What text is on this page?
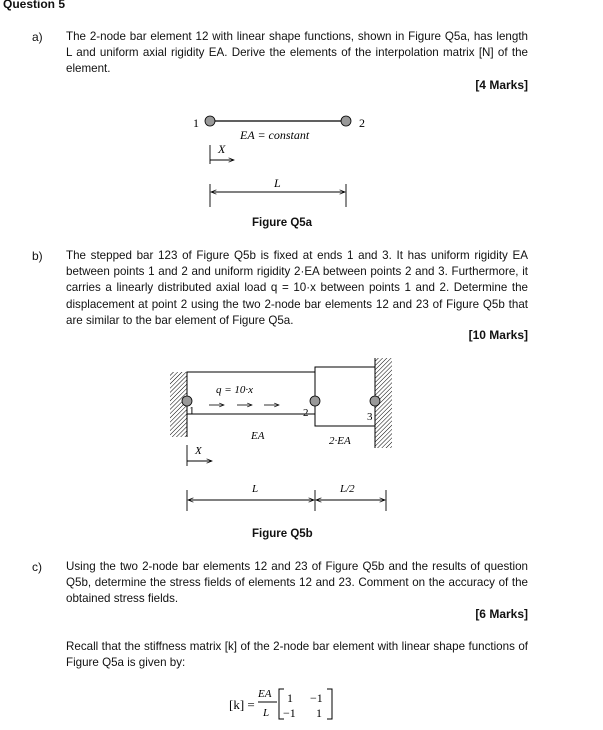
Question 5
a) The 2-node bar element 12 with linear shape functions, shown in Figure Q5a, has length L and uniform axial rigidity EA. Derive the elements of the interpolation matrix [N] of the element.
[4 Marks]
1	2
EA = constant
X
L
Figure Q5a
b) The stepped bar 123 of Figure Q5b is fixed at ends 1 and 3. It has uniform rigidity EA between points 1 and 2 and uniform rigidity 2·EA between points 2 and 3. Furthermore, it carries a linearly distributed axial load q = 10·x between points 1 and 2. Determine the displacement at point 2 using the two 2-node bar elements 12 and 23 of Figure Q5b that are similar to the bar element of Figure Q5a.
[10 Marks]
1	2	3
q = 10·x
EA	2·EA
X
L	L/2
Figure Q5b
c) Using the two 2-node bar elements 12 and 23 of Figure Q5b and the results of question Q5b, determine the stress fields of elements 12 and 23. Comment on the accuracy of the obtained stress fields.
[6 Marks]
Recall that the stiffness matrix [k] of the 2-node bar element with linear shape functions of Figure Q5a is given by:
[k] =
EA
L
1 −1
−1 1
